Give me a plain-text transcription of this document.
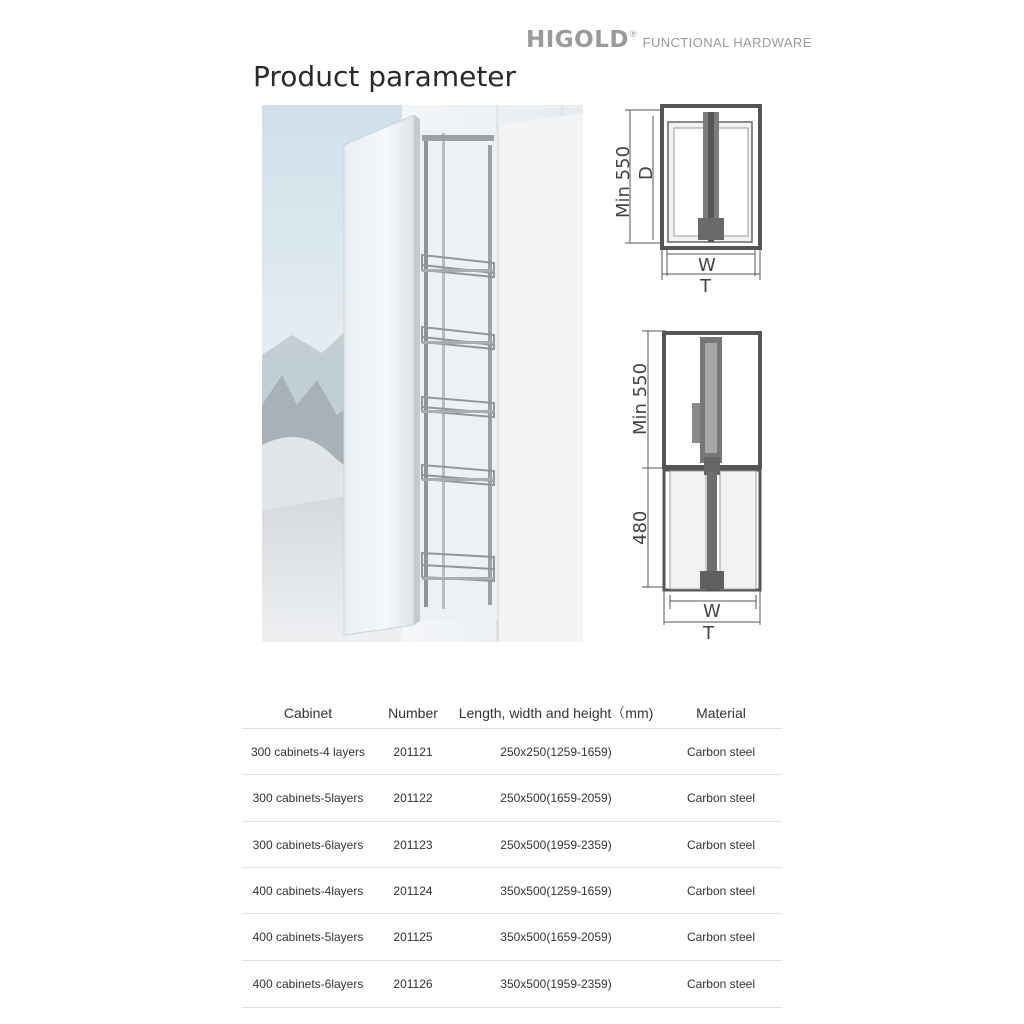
HIGOLD ®
FUNCTIONAL HARDWARE
Product parameter
Min 550 D
W
T
Min 550
480
W
T
Cabinet	Number	Length, width and height（mm)	Material
300 cabinets-4 layers	201121	250x250(1259-1659)	Carbon steel
300 cabinets-5layers	201122	250x500(1659-2059)	Carbon steel
300 cabinets-6layers	201123	250x500(1959-2359)	Carbon steel
400 cabinets-4layers	201124	350x500(1259-1659)	Carbon steel
400 cabinets-5layers	201125	350x500(1659-2059)	Carbon steel
400 cabinets-6layers	201126	350x500(1959-2359)	Carbon steel
